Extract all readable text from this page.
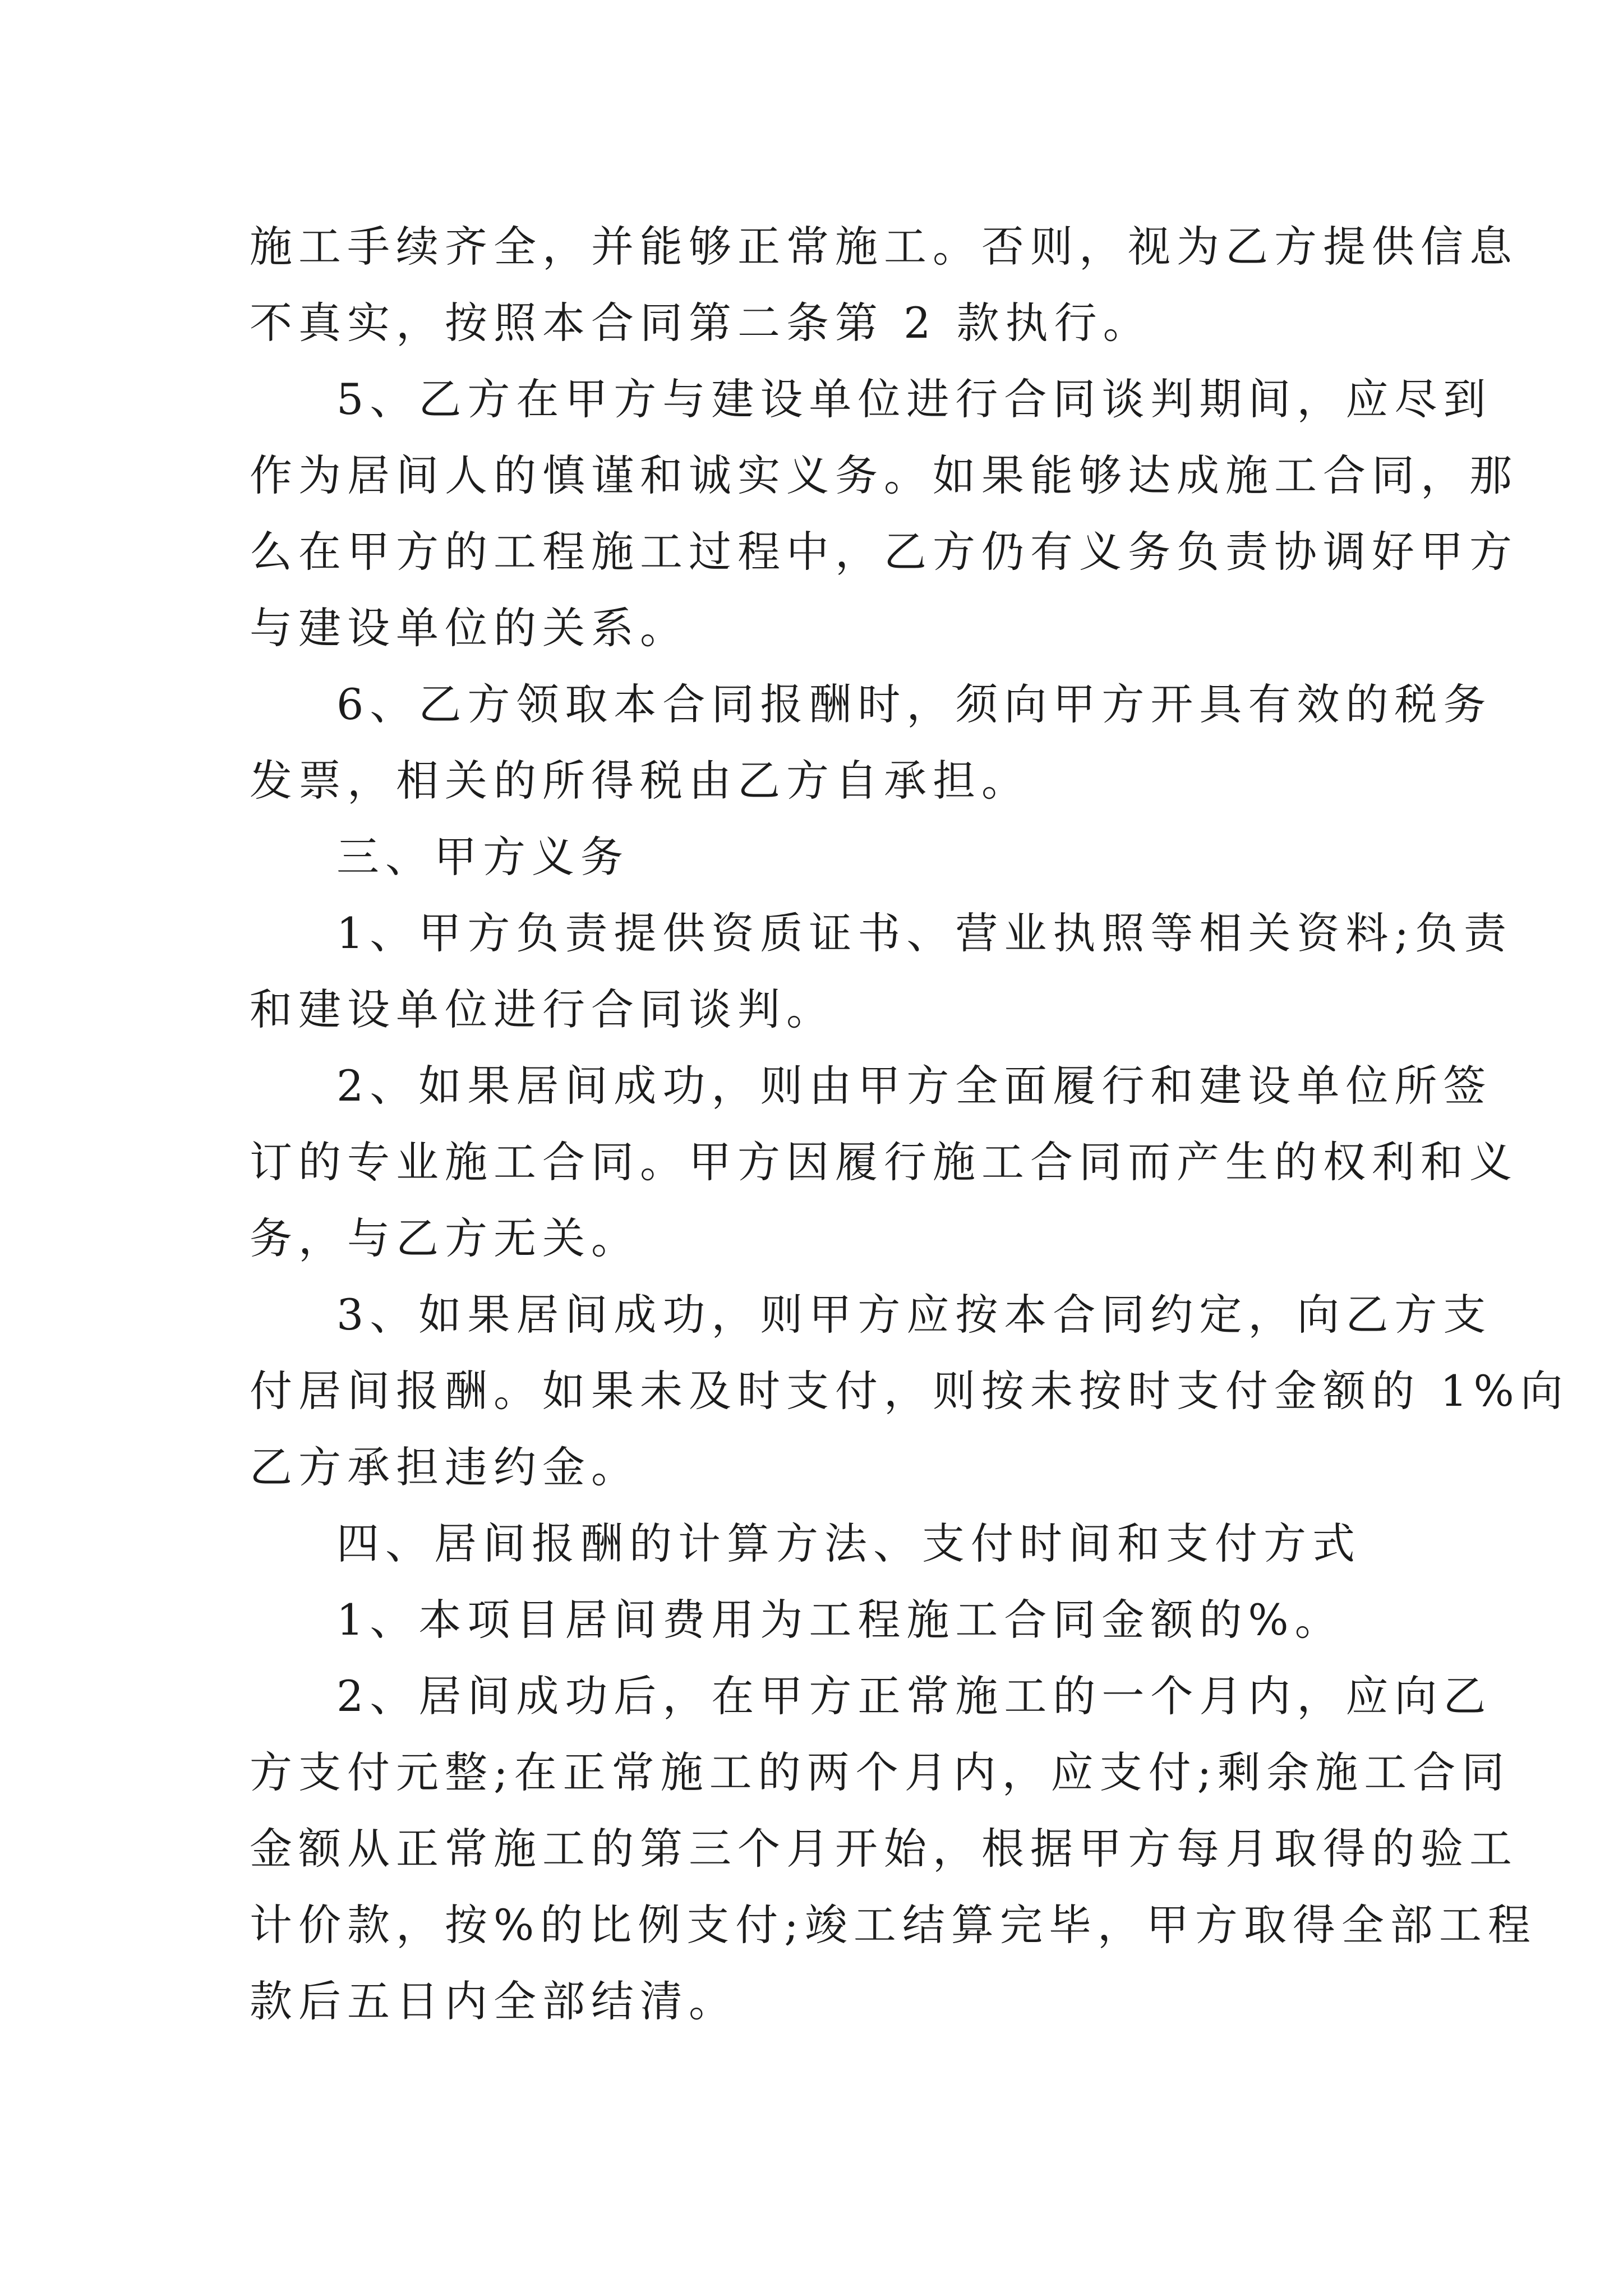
施工手续齐全，并能够正常施工。否则，视为乙方提供信息
不真实，按照本合同第二条第 2 款执行。
5、乙方在甲方与建设单位进行合同谈判期间，应尽到
作为居间人的慎谨和诚实义务。如果能够达成施工合同，那
么在甲方的工程施工过程中，乙方仍有义务负责协调好甲方
与建设单位的关系。
6、乙方领取本合同报酬时，须向甲方开具有效的税务
发票，相关的所得税由乙方自承担。
三、甲方义务
1、甲方负责提供资质证书、营业执照等相关资料;负责
和建设单位进行合同谈判。
2、如果居间成功，则由甲方全面履行和建设单位所签
订的专业施工合同。甲方因履行施工合同而产生的权利和义
务，与乙方无关。
3、如果居间成功，则甲方应按本合同约定，向乙方支
付居间报酬。如果未及时支付，则按未按时支付金额的 1%向
乙方承担违约金。
四、居间报酬的计算方法、支付时间和支付方式
1、本项目居间费用为工程施工合同金额的%。
2、居间成功后，在甲方正常施工的一个月内，应向乙
方支付元整;在正常施工的两个月内，应支付;剩余施工合同
金额从正常施工的第三个月开始，根据甲方每月取得的验工
计价款，按%的比例支付;竣工结算完毕，甲方取得全部工程
款后五日内全部结清。
